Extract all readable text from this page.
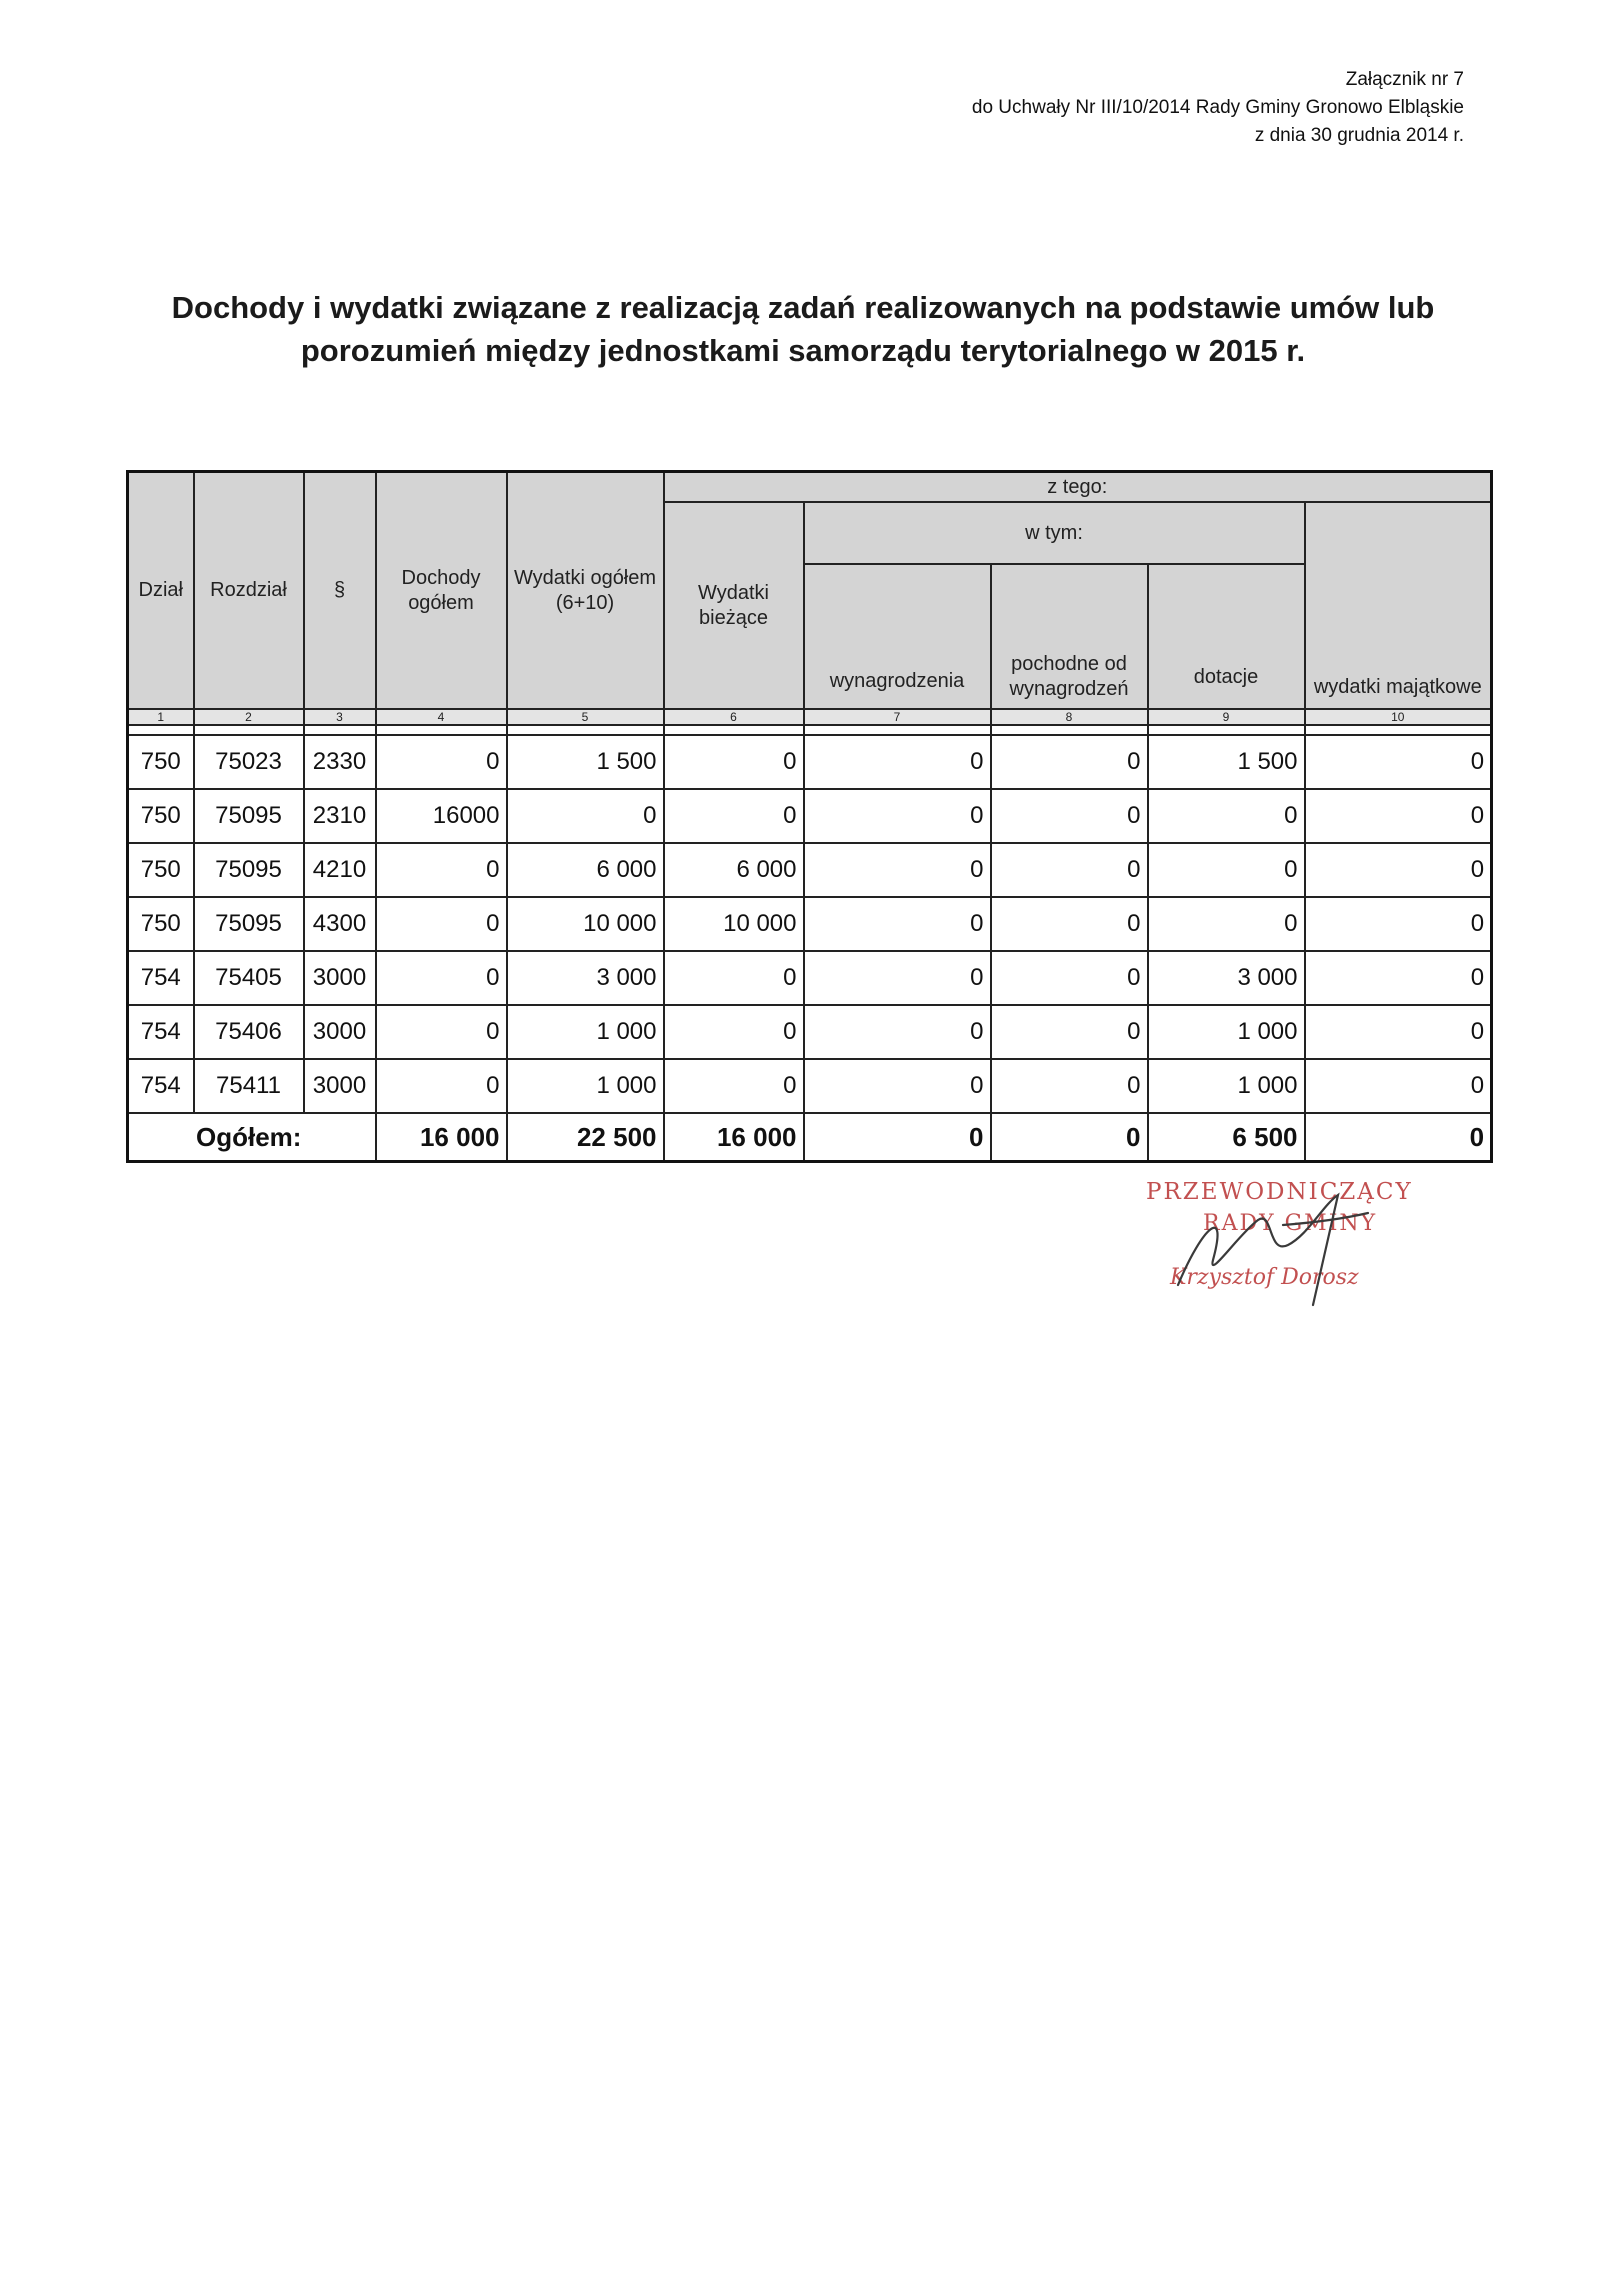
Załącznik nr 7
do Uchwały Nr III/10/2014 Rady Gminy Gronowo Elbląskie
z dnia 30 grudnia 2014 r.
Dochody i wydatki związane z realizacją zadań realizowanych na podstawie umów lub
porozumień między jednostkami samorządu terytorialnego w 2015 r.
Dział	Rozdział	§	Dochody ogółem	Wydatki ogółem (6+10)	z tego:				
					Wydatki bieżące	w tym:			wydatki majątkowe
						wynagrodzenia	pochodne od wynagrodzeń	dotacje	
1	2	3	4	5	6	7	8	9	10

750	75023	2330	0	1 500	0	0	0	1 500	0
750	75095	2310	16000	0	0	0	0	0	0
750	75095	4210	0	6 000	6 000	0	0	0	0
750	75095	4300	0	10 000	10 000	0	0	0	0
754	75405	3000	0	3 000	0	0	0	3 000	0
754	75406	3000	0	1 000	0	0	0	1 000	0
754	75411	3000	0	1 000	0	0	0	1 000	0
Ogółem:			16 000	22 500	16 000	0	0	6 500	0
PRZEWODNICZĄCY
RADY GMINY
Krzysztof Dorosz
